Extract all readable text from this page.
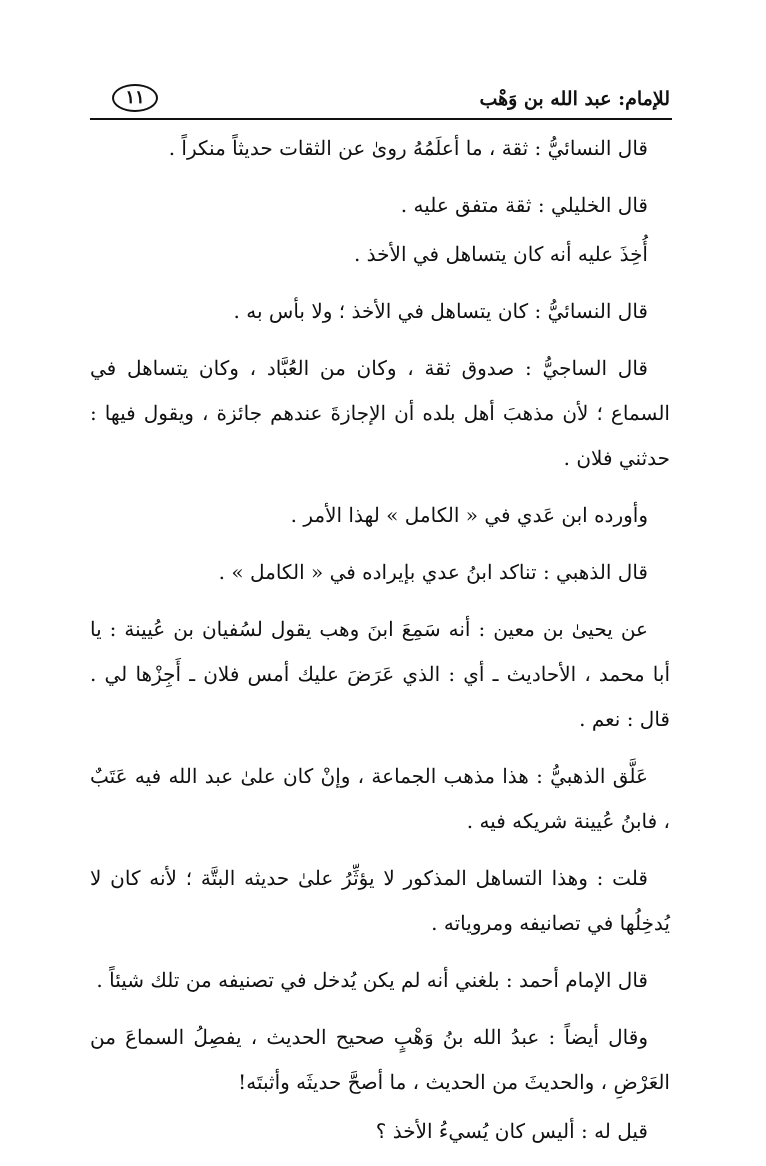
للإمام: عبد الله بن وَهْب
١١

قال النسائيُّ : ثقة ، ما أعلَمُهُ روىٰ عن الثقات حديثاً منكراً .

قال الخليلي : ثقة متفق عليه .

أُخِذَ عليه أنه كان يتساهل في الأخذ .

قال النسائيُّ : كان يتساهل في الأخذ ؛ ولا بأس به .

قال الساجيُّ : صدوق ثقة ، وكان من العُبَّاد ، وكان يتساهل في السماع ؛ لأن مذهبَ أهل بلده أن الإجازةَ عندهم جائزة ، ويقول فيها : حدثني فلان .

وأورده ابن عَدي في « الكامل » لهذا الأمر .

قال الذهبي : تناكد ابنُ عدي بإيراده في « الكامل » .

عن يحيىٰ بن معين : أنه سَمِعَ ابنَ وهب يقول لسُفيان بن عُيينة : يا أبا محمد ، الأحاديث ـ أي : الذي عَرَضَ عليك أمس فلان ـ أَجِزْها لي . قال : نعم .

عَلَّق الذهبيُّ : هذا مذهب الجماعة ، وإنْ كان علىٰ عبد الله فيه عَتَبٌ ، فابنُ عُيينة شريكه فيه .

قلت : وهذا التساهل المذكور لا يؤثِّرُ علىٰ حديثه البتَّة ؛ لأنه كان لا يُدخِلُها في تصانيفه ومروياته .

قال الإمام أحمد : بلغني أنه لم يكن يُدخل في تصنيفه من تلك شيئاً .

وقال أيضاً : عبدُ الله بنُ وَهْبٍ صحيح الحديث ، يفصِلُ السماعَ من العَرْضِ ، والحديثَ من الحديث ، ما أصحَّ حديثَه وأثبتَه!

قيل له : أليس كان يُسيءُ الأخذ ؟
